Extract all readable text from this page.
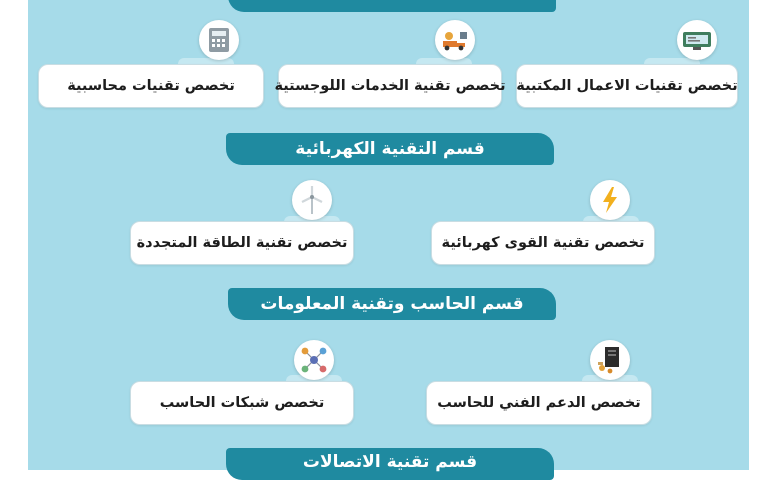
تخصص تقنيات الاعمال المكتبية
تخصص تقنية الخدمات اللوجستية
تخصص تقنيات محاسبية
قسم التقنية الكهربائية
تخصص تقنية القوى كهربائية
تخصص تقنية الطاقة المتجددة
قسم الحاسب وتقنية المعلومات
تخصص الدعم الفني للحاسب
تخصص شبكات الحاسب
قسم تقنية الاتصالات
